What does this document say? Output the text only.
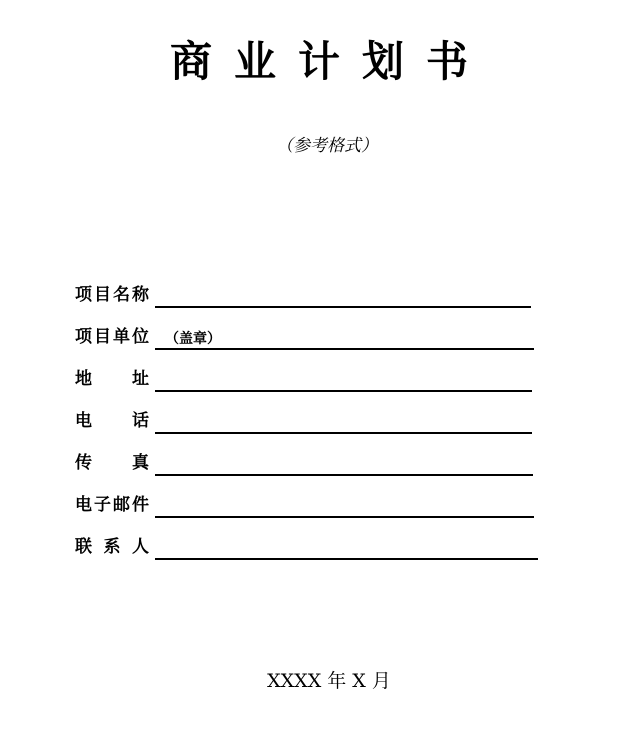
商业计划书
（参考格式）
项 目 名 称
项 目 单 位 （盖章）
地 址
电 话
传 真
电 子 邮 件
联 系 人
XXXX 年 X 月
